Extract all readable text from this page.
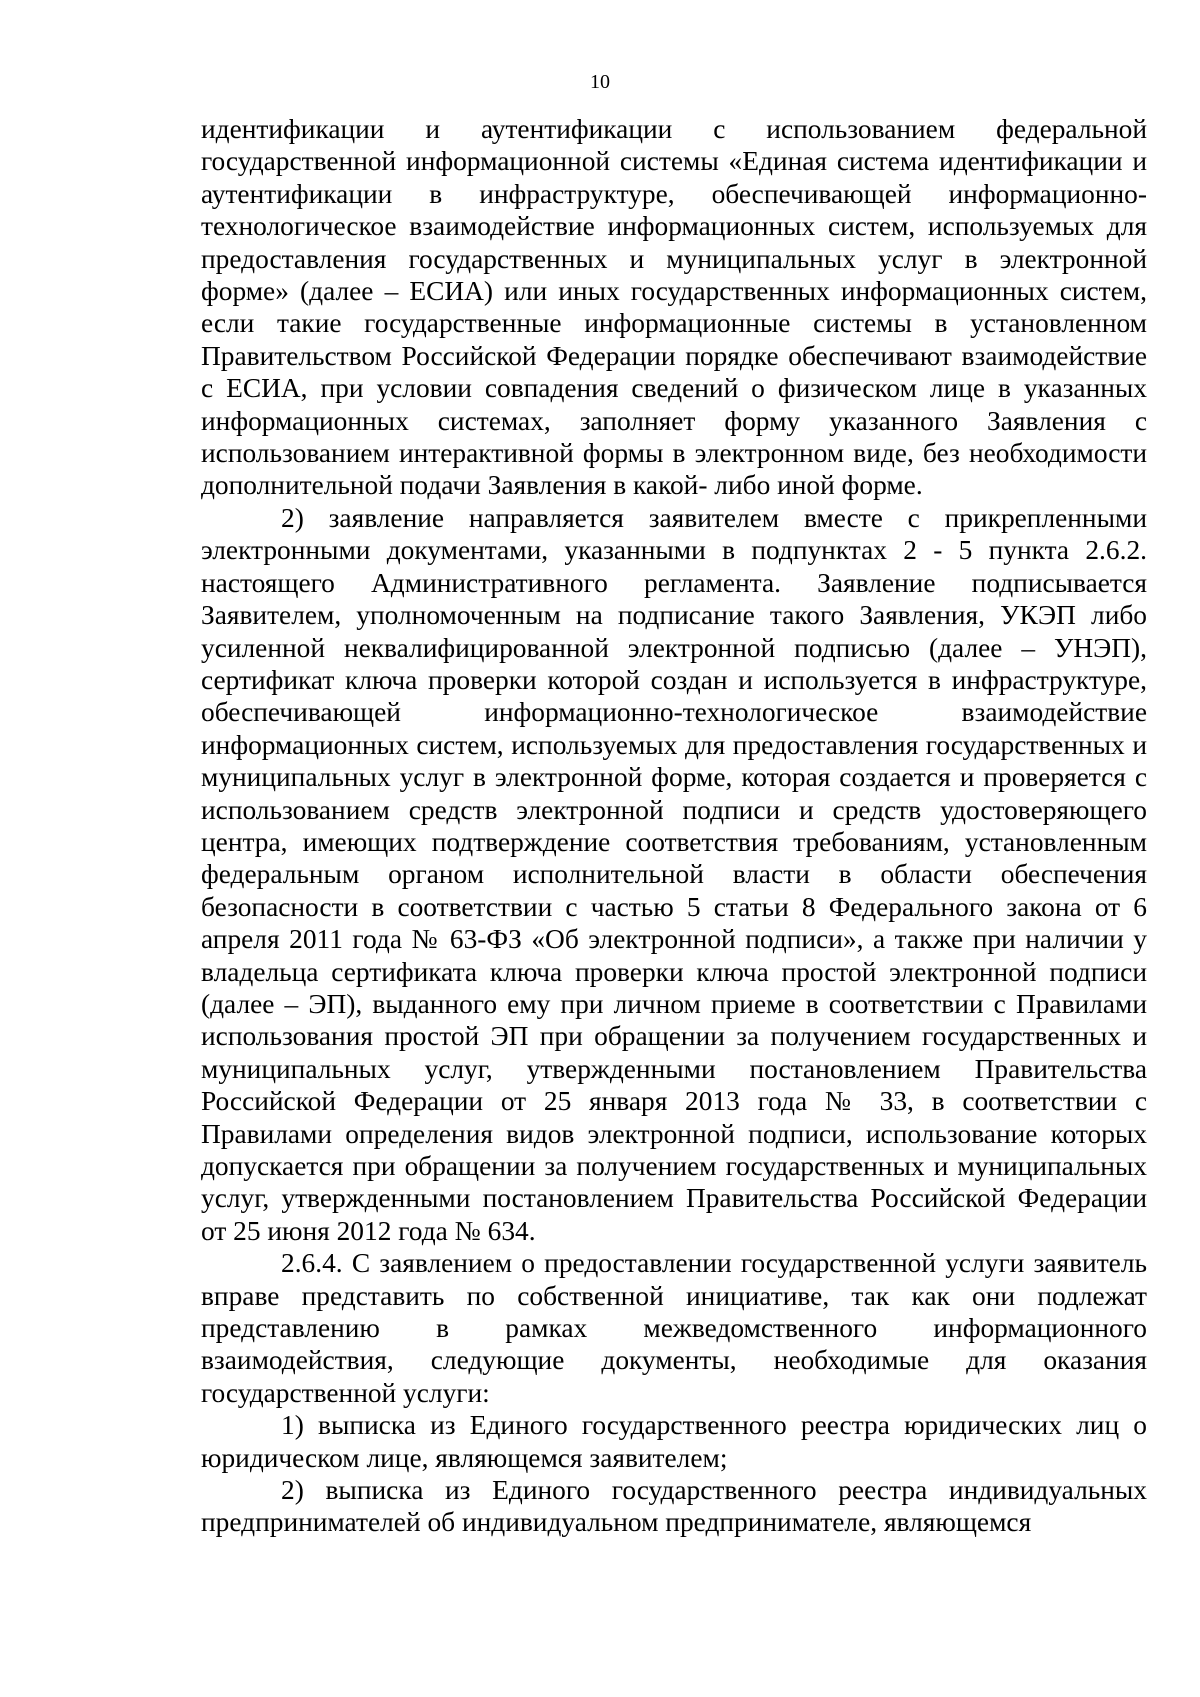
10

идентификации и аутентификации с использованием федеральной государственной информационной системы «Единая система идентификации и аутентификации в инфраструктуре, обеспечивающей информационно-технологическое взаимодействие информационных систем, используемых для предоставления государственных и муниципальных услуг в электронной форме» (далее – ЕСИА) или иных государственных информационных систем, если такие государственные информационные системы в установленном Правительством Российской Федерации порядке обеспечивают взаимодействие с ЕСИА, при условии совпадения сведений о физическом лице в указанных информационных системах, заполняет форму указанного Заявления с использованием интерактивной формы в электронном виде, без необходимости дополнительной подачи Заявления в какой- либо иной форме.

2) заявление направляется заявителем вместе с прикрепленными электронными документами, указанными в подпунктах 2 - 5 пункта 2.6.2. настоящего Административного регламента. Заявление подписывается Заявителем, уполномоченным на подписание такого Заявления, УКЭП либо усиленной неквалифицированной электронной подписью (далее – УНЭП), сертификат ключа проверки которой создан и используется в инфраструктуре, обеспечивающей информационно-технологическое взаимодействие информационных систем, используемых для предоставления государственных и муниципальных услуг в электронной форме, которая создается и проверяется с использованием средств электронной подписи и средств удостоверяющего центра, имеющих подтверждение соответствия требованиям, установленным федеральным органом исполнительной власти в области обеспечения безопасности в соответствии с частью 5 статьи 8 Федерального закона от 6 апреля 2011 года № 63-ФЗ «Об электронной подписи», а также при наличии у владельца сертификата ключа проверки ключа простой электронной подписи (далее – ЭП), выданного ему при личном приеме в соответствии с Правилами использования простой ЭП при обращении за получением государственных и муниципальных услуг, утвержденными постановлением Правительства Российской Федерации от 25 января 2013 года № 33, в соответствии с Правилами определения видов электронной подписи, использование которых допускается при обращении за получением государственных и муниципальных услуг, утвержденными постановлением Правительства Российской Федерации от 25 июня 2012 года № 634.

2.6.4. С заявлением о предоставлении государственной услуги заявитель вправе представить по собственной инициативе, так как они подлежат представлению в рамках межведомственного информационного взаимодействия, следующие документы, необходимые для оказания государственной услуги:

1) выписка из Единого государственного реестра юридических лиц о юридическом лице, являющемся заявителем;

2) выписка из Единого государственного реестра индивидуальных предпринимателей об индивидуальном предпринимателе, являющемся
